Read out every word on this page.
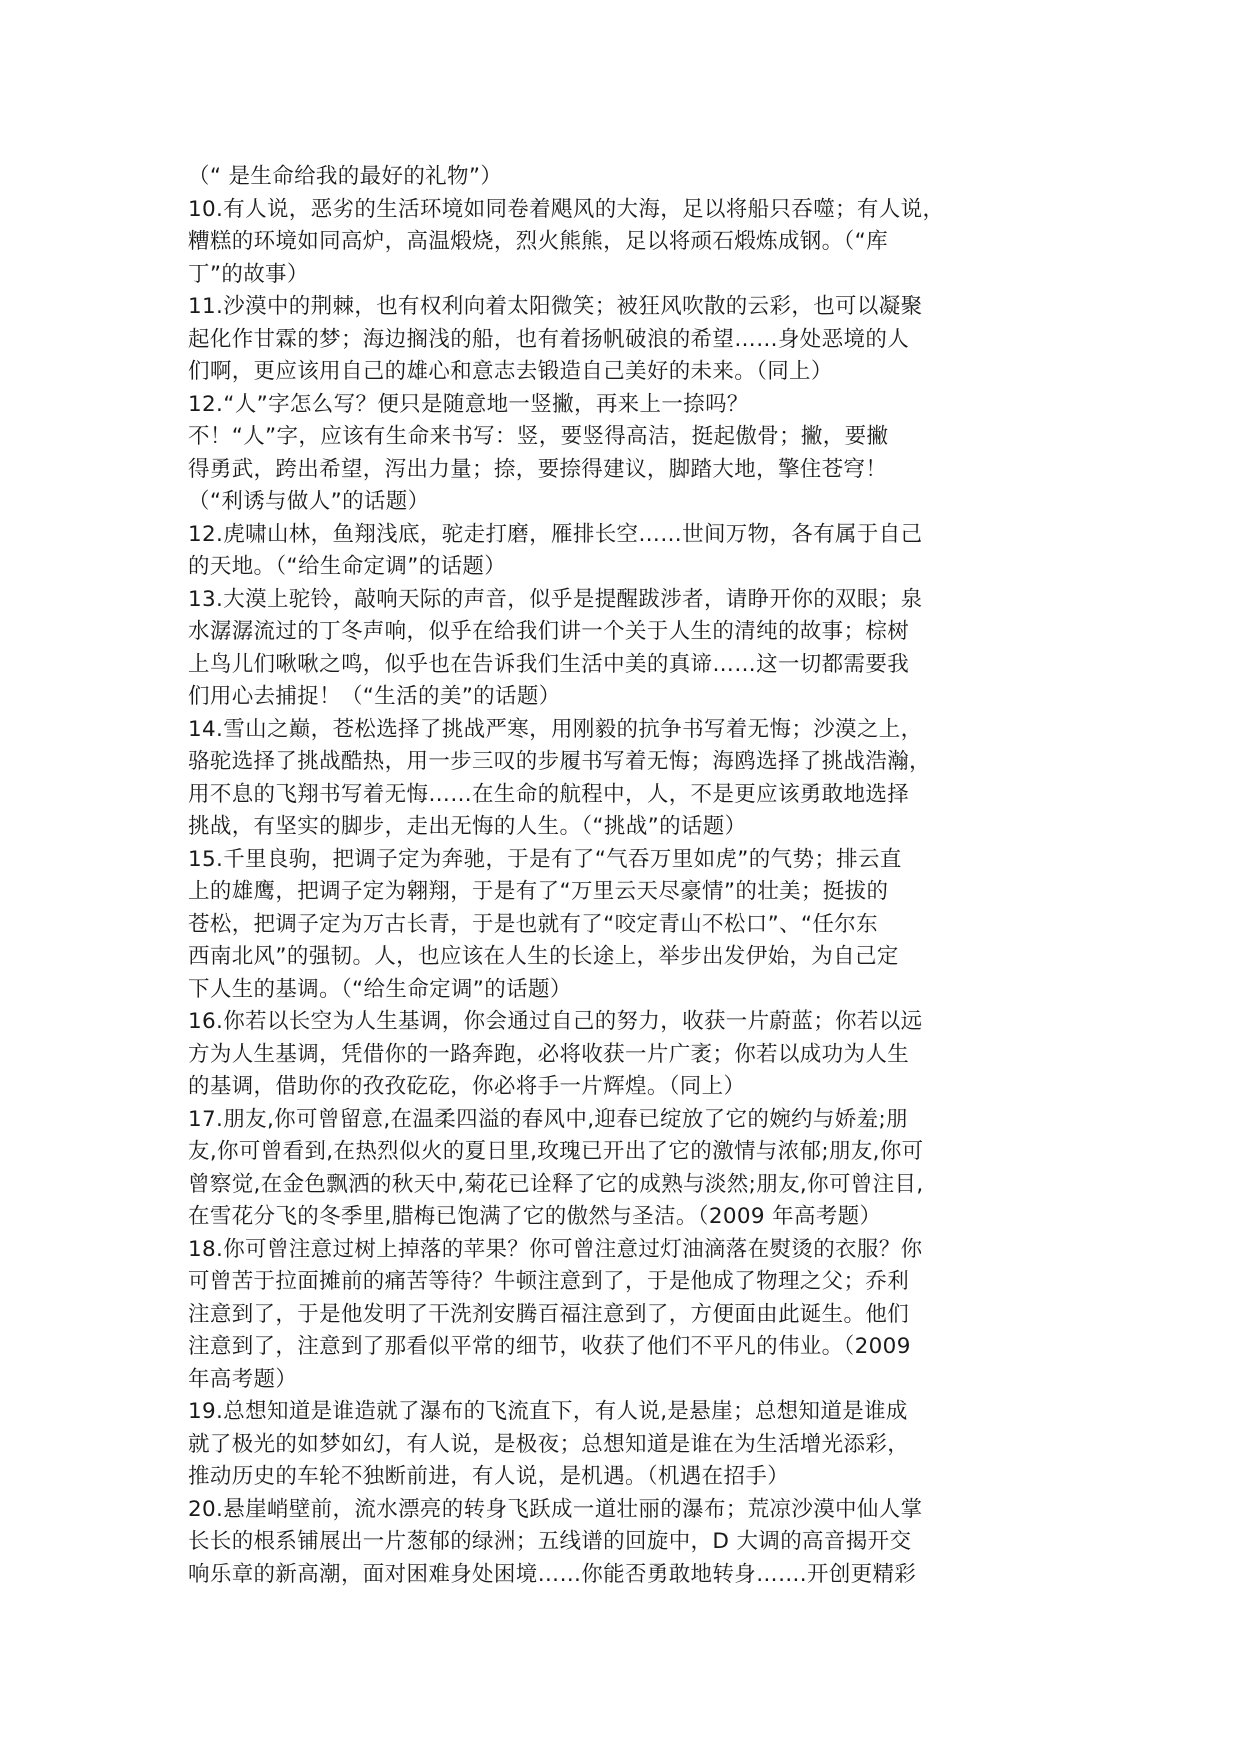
（“ 是生命给我的最好的礼物”）
10.有人说，恶劣的生活环境如同卷着飓风的大海，足以将船只吞噬；有人说，
糟糕的环境如同高炉，高温煅烧，烈火熊熊，足以将顽石煅炼成钢。（“库
丁”的故事）
11.沙漠中的荆棘，也有权利向着太阳微笑；被狂风吹散的云彩，也可以凝聚
起化作甘霖的梦；海边搁浅的船，也有着扬帆破浪的希望……身处恶境的人
们啊，更应该用自己的雄心和意志去锻造自己美好的未来。（同上）
12.“人”字怎么写？便只是随意地一竖撇，再来上一捺吗？
不！“人”字，应该有生命来书写：竖，要竖得高洁，挺起傲骨；撇，要撇
得勇武，跨出希望，泻出力量；捺，要捺得建议，脚踏大地，擎住苍穹！
（“利诱与做人”的话题）
12.虎啸山林，鱼翔浅底，驼走打磨，雁排长空……世间万物，各有属于自己
的天地。（“给生命定调”的话题）
13.大漠上驼铃，敲响天际的声音，似乎是提醒跋涉者，请睁开你的双眼；泉
水潺潺流过的丁冬声响，似乎在给我们讲一个关于人生的清纯的故事；棕树
上鸟儿们啾啾之鸣，似乎也在告诉我们生活中美的真谛……这一切都需要我
们用心去捕捉！（“生活的美”的话题）
14.雪山之巅，苍松选择了挑战严寒，用刚毅的抗争书写着无悔；沙漠之上，
骆驼选择了挑战酷热，用一步三叹的步履书写着无悔；海鸥选择了挑战浩瀚，
用不息的飞翔书写着无悔……在生命的航程中，人，不是更应该勇敢地选择
挑战，有坚实的脚步，走出无悔的人生。（“挑战”的话题）
15.千里良驹，把调子定为奔驰，于是有了“气吞万里如虎”的气势；排云直
上的雄鹰，把调子定为翱翔，于是有了“万里云天尽豪情”的壮美；挺拔的
苍松，把调子定为万古长青，于是也就有了“咬定青山不松口”、“任尔东
西南北风”的强韧。人，也应该在人生的长途上，举步出发伊始，为自己定
下人生的基调。（“给生命定调”的话题）
16.你若以长空为人生基调，你会通过自己的努力，收获一片蔚蓝；你若以远
方为人生基调，凭借你的一路奔跑，必将收获一片广袤；你若以成功为人生
的基调，借助你的孜孜矻矻，你必将手一片辉煌。（同上）
17.朋友,你可曾留意,在温柔四溢的春风中,迎春已绽放了它的婉约与娇羞;朋
友,你可曾看到,在热烈似火的夏日里,玫瑰已开出了它的激情与浓郁;朋友,你可
曾察觉,在金色飘洒的秋天中,菊花已诠释了它的成熟与淡然;朋友,你可曾注目,
在雪花分飞的冬季里,腊梅已饱满了它的傲然与圣洁。（2009 年高考题）
18.你可曾注意过树上掉落的苹果？你可曾注意过灯油滴落在熨烫的衣服？你
可曾苦于拉面摊前的痛苦等待？牛顿注意到了，于是他成了物理之父；乔利
注意到了，于是他发明了干洗剂安腾百福注意到了，方便面由此诞生。他们
注意到了，注意到了那看似平常的细节，收获了他们不平凡的伟业。（2009
年高考题）
19.总想知道是谁造就了瀑布的飞流直下，有人说,是悬崖；总想知道是谁成
就了极光的如梦如幻，有人说，是极夜；总想知道是谁在为生活增光添彩，
推动历史的车轮不独断前进，有人说，是机遇。（机遇在招手）
20.悬崖峭壁前，流水漂亮的转身飞跃成一道壮丽的瀑布；荒凉沙漠中仙人掌
长长的根系铺展出一片葱郁的绿洲；五线谱的回旋中，D 大调的高音揭开交
响乐章的新高潮，面对困难身处困境……你能否勇敢地转身…….开创更精彩
